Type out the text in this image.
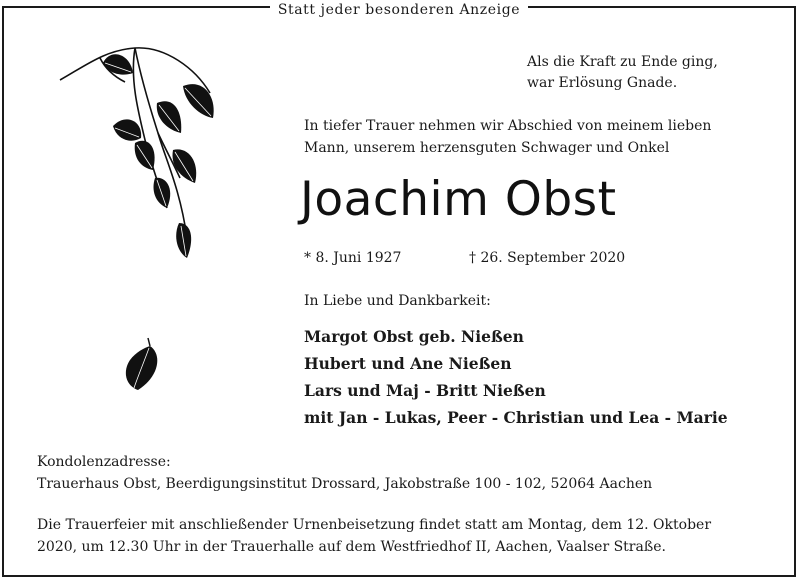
Statt jeder besonderen Anzeige
Als die Kraft zu Ende ging,
war Erlösung Gnade.
In tiefer Trauer nehmen wir Abschied von meinem lieben
Mann, unserem herzensguten Schwager und Onkel
Joachim Obst
* 8. Juni 1927	† 26. September 2020
In Liebe und Dankbarkeit:
Margot Obst geb. Nießen
Hubert und Ane Nießen
Lars und Maj - Britt Nießen
mit Jan - Lukas, Peer - Christian und Lea - Marie
Kondolenzadresse:
Trauerhaus Obst, Beerdigungsinstitut Drossard, Jakobstraße 100 - 102, 52064 Aachen
Die Trauerfeier mit anschließender Urnenbeisetzung findet statt am Montag, dem 12. Oktober
2020, um 12.30 Uhr in der Trauerhalle auf dem Westfriedhof II, Aachen, Vaalser Straße.
